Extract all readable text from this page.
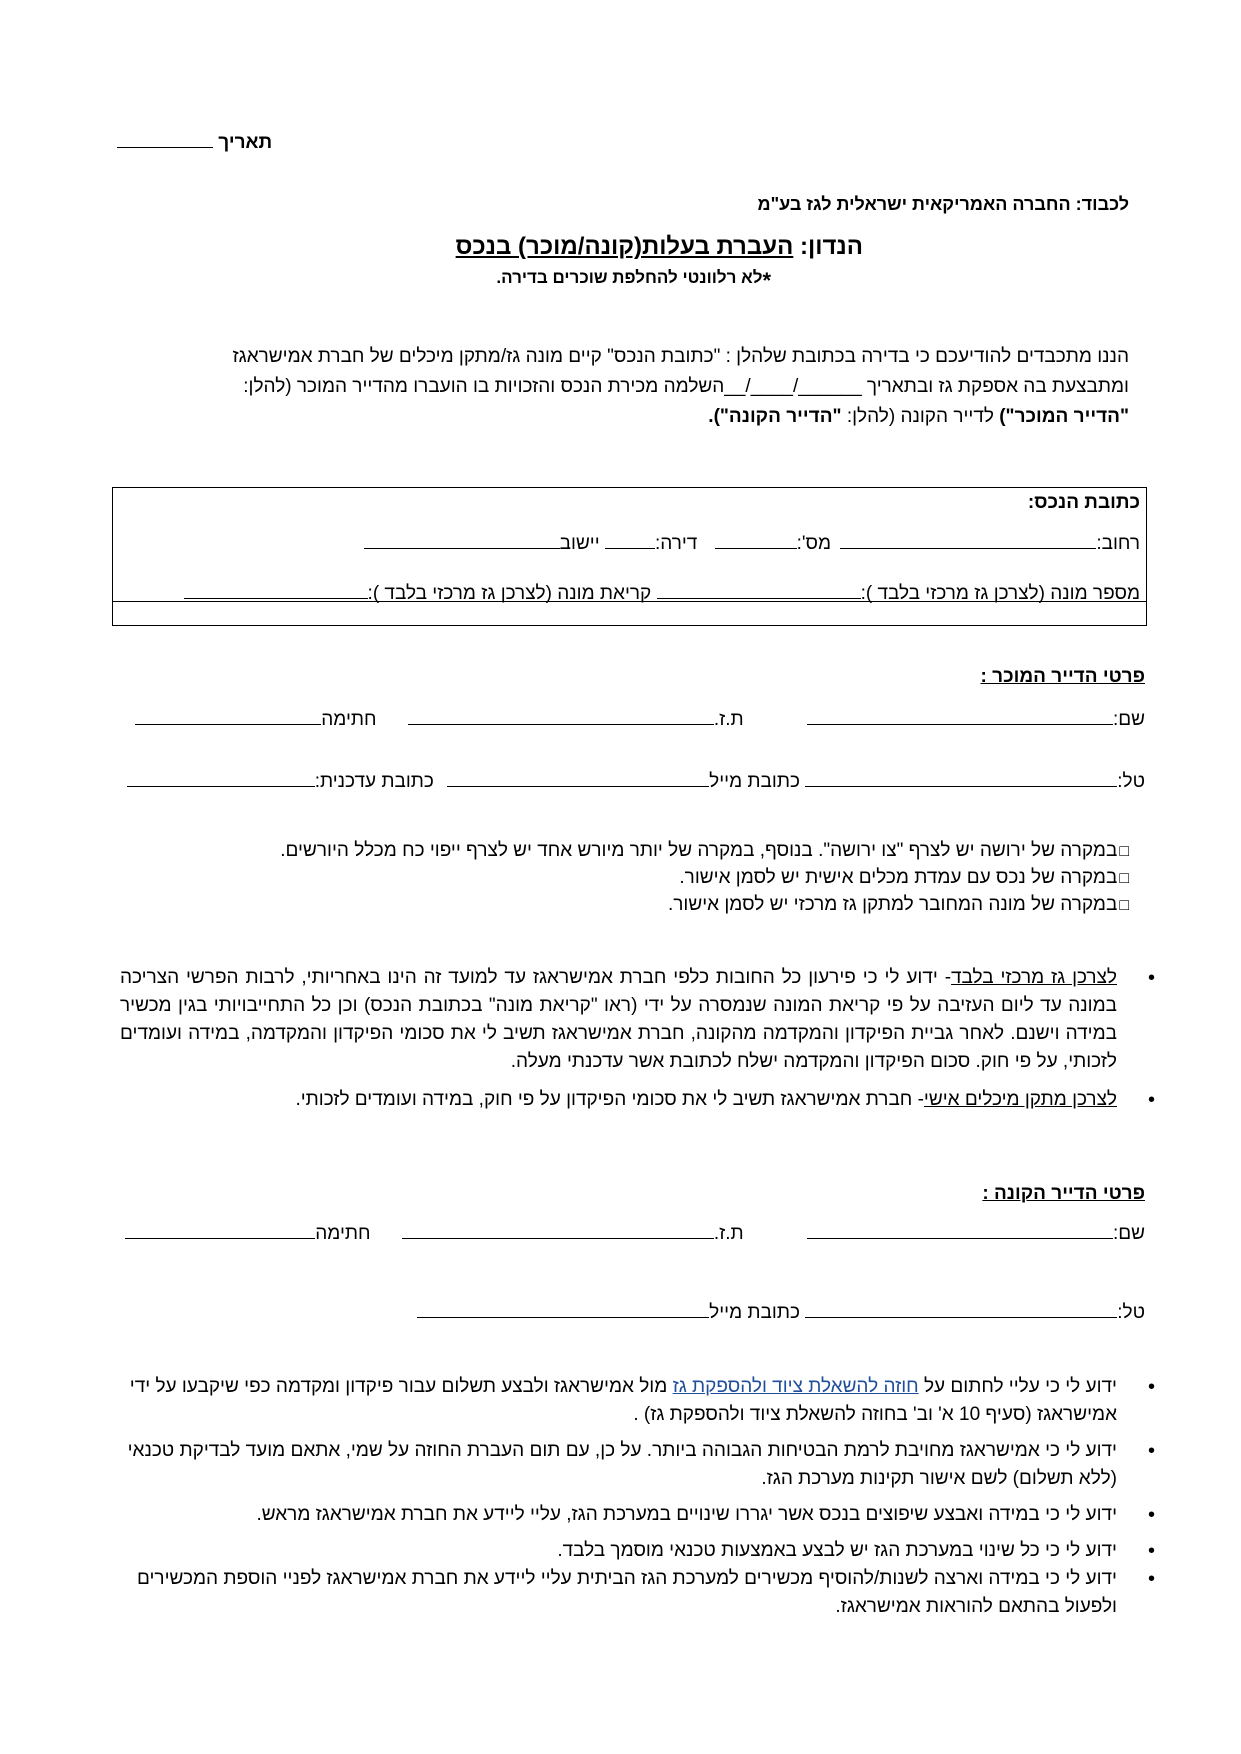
תאריך
לכבוד: החברה האמריקאית ישראלית לגז בע"מ
הנדון: העברת בעלות(קונה/מוכר) בנכס
*לא רלוונטי להחלפת שוכרים בדירה.

הננו מתכבדים להודיעכם כי בדירה בכתובת שלהלן : "כתובת הנכס" קיים מונה גז/מתקן מיכלים של חברת אמישראגז

ומתבצעת בה אספקת גז ובתאריך ______/____/__השלמה מכירת הנכס והזכויות בו הועברו מהדייר המוכר (להלן:

"הדייר המוכר") לדייר הקונה (להלן: "הדייר הקונה").

כתובת הנכס:
רחוב: מס': דירה: יישוב
מספר מונה (לצרכן גז מרכזי בלבד ): קריאת מונה (לצרכן גז מרכזי בלבד ):
פרטי הדייר המוכר :
שם: ת.ז. חתימה
טל: כתובת מייל כתובת עדכנית:
□במקרה של ירושה יש לצרף "צו ירושה". בנוסף, במקרה של יותר מיורש אחד יש לצרף ייפוי כח מכלל היורשים.
□במקרה של נכס עם עמדת מכלים אישית יש לסמן אישור.
□במקרה של מונה המחובר למתקן גז מרכזי יש לסמן אישור.
•
לצרכן גז מרכזי בלבד- ידוע לי כי פירעון כל החובות כלפי חברת אמישראגז עד למועד זה הינו באחריותי, לרבות הפרשי הצריכה במונה עד ליום העזיבה על פי קריאת המונה שנמסרה על ידי (ראו "קריאת מונה" בכתובת הנכס) וכן כל התחייבויותי בגין מכשיר במידה וישנם. לאחר גביית הפיקדון והמקדמה מהקונה, חברת אמישראגז תשיב לי את סכומי הפיקדון והמקדמה, במידה ועומדים לזכותי, על פי חוק. סכום הפיקדון והמקדמה ישלח לכתובת אשר עדכנתי מעלה.
•
לצרכן מתקן מיכלים אישי- חברת אמישראגז תשיב לי את סכומי הפיקדון על פי חוק, במידה ועומדים לזכותי.
פרטי הדייר הקונה :
שם: ת.ז. חתימה
טל: כתובת מייל
•
ידוע לי כי עליי לחתום על חוזה להשאלת ציוד ולהספקת גז מול אמישראגז ולבצע תשלום עבור פיקדון ומקדמה כפי שיקבעו על ידי אמישראגז (סעיף 10 א' וב' בחוזה להשאלת ציוד ולהספקת גז) .
•
ידוע לי כי אמישראגז מחויבת לרמת הבטיחות הגבוהה ביותר. על כן, עם תום העברת החוזה על שמי, אתאם מועד לבדיקת טכנאי (ללא תשלום) לשם אישור תקינות מערכת הגז.
•
ידוע לי כי במידה ואבצע שיפוצים בנכס אשר יגררו שינויים במערכת הגז, עליי ליידע את חברת אמישראגז מראש.
•
ידוע לי כי כל שינוי במערכת הגז יש לבצע באמצעות טכנאי מוסמך בלבד.
•
ידוע לי כי במידה וארצה לשנות/להוסיף מכשירים למערכת הגז הביתית עליי ליידע את חברת אמישראגז לפניי הוספת המכשירים ולפעול בהתאם להוראות אמישראגז.
